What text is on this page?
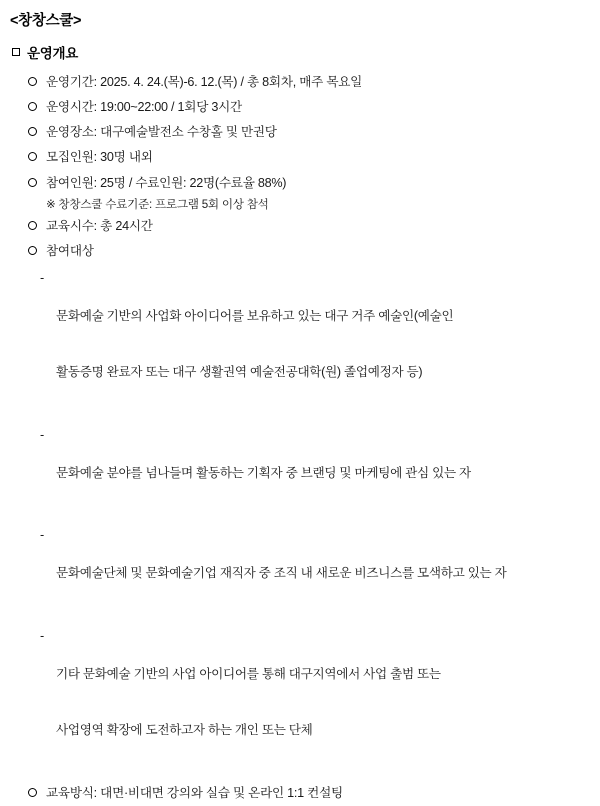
<창창스쿨>
운영개요
운영기간: 2025. 4. 24.(목)-6. 12.(목) / 총 8회차, 매주 목요일
운영시간: 19:00~22:00 / 1회당 3시간
운영장소: 대구예술발전소 수창홀 및 만권당
모집인원: 30명 내외
참여인원: 25명 / 수료인원: 22명(수료율 88%)
※ 창창스쿨 수료기준: 프로그램 5회 이상 참석
교육시수: 총 24시간
참여대상
-

문화예술 기반의 사업화 아이디어를 보유하고 있는 대구 거주 예술인(예술인

활동증명 완료자 또는 대구 생활권역 예술전공대학(원) 졸업예정자 등)

-

문화예술 분야를 넘나들며 활동하는 기획자 중 브랜딩 및 마케팅에 관심 있는 자

-

문화예술단체 및 문화예술기업 재직자 중 조직 내 새로운 비즈니스를 모색하고 있는 자

-

기타 문화예술 기반의 사업 아이디어를 통해 대구지역에서 사업 출범 또는

사업영역 확장에 도전하고자 하는 개인 또는 단체

교육방식: 대면·비대면 강의와 실습 및 온라인 1:1 컨설팅
